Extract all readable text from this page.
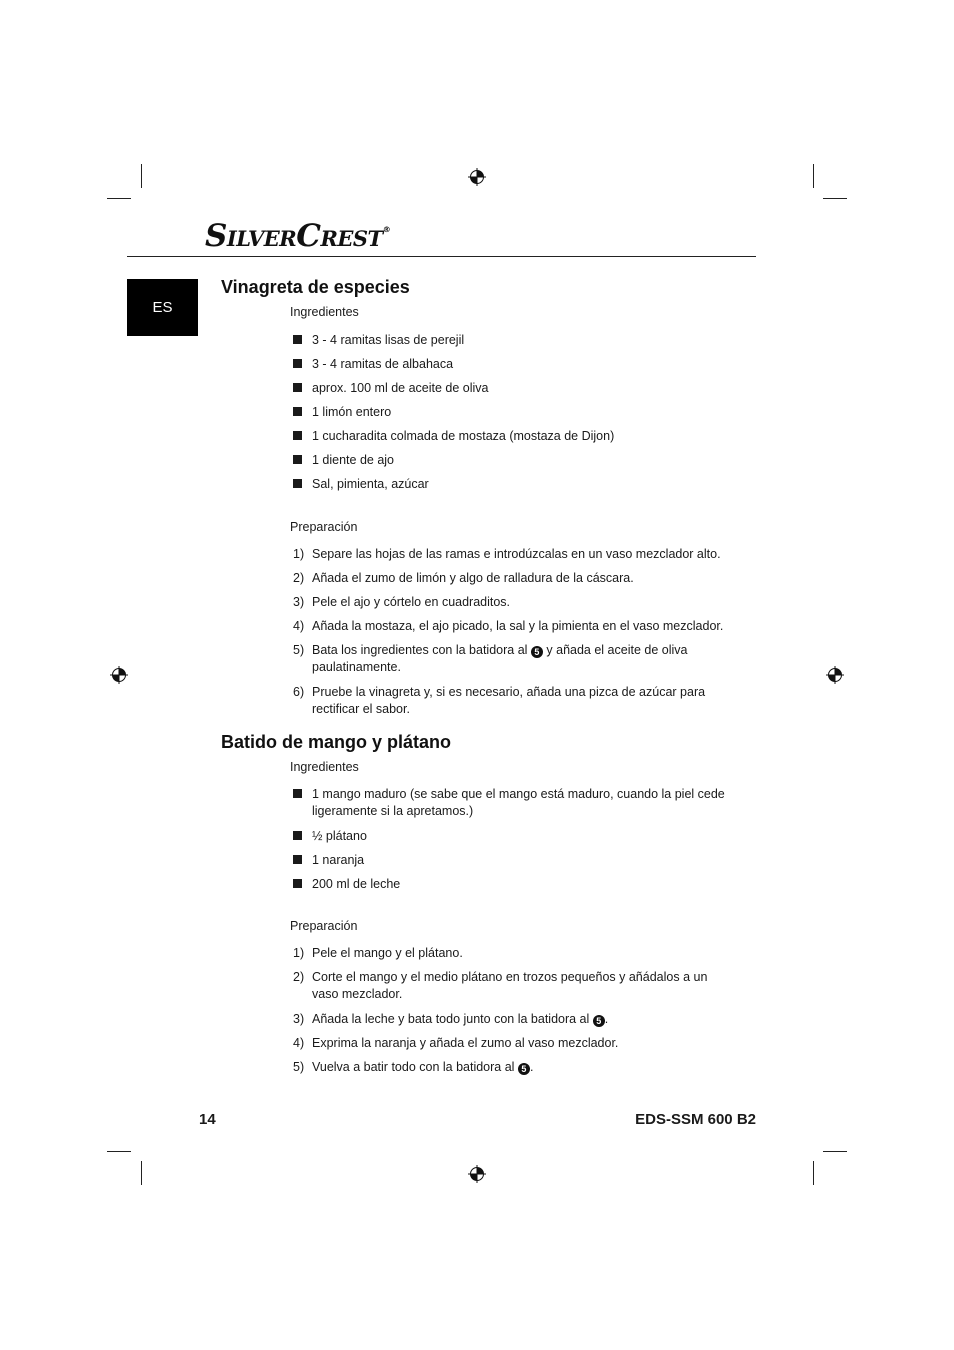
SILVERCREST®
ES
Vinagreta de especies
Ingredientes
3 - 4 ramitas lisas de perejil
3 - 4 ramitas de albahaca
aprox. 100 ml de aceite de oliva
1 limón entero
1 cucharadita colmada de mostaza (mostaza de Dijon)
1 diente de ajo
Sal, pimienta, azúcar
Preparación
1) Separe las hojas de las ramas e introdúzcalas en un vaso mezclador alto.
2) Añada el zumo de limón y algo de ralladura de la cáscara.
3) Pele el ajo y córtelo en cuadraditos.
4) Añada la mostaza, el ajo picado, la sal y la pimienta en el vaso mezclador.
5) Bata los ingredientes con la batidora al 5 y añada el aceite de oliva paulatinamente.
6) Pruebe la vinagreta y, si es necesario, añada una pizca de azúcar para rectificar el sabor.
Batido de mango y plátano
Ingredientes
1 mango maduro (se sabe que el mango está maduro, cuando la piel cede ligeramente si la apretamos.)
½ plátano
1 naranja
200 ml de leche
Preparación
1) Pele el mango y el plátano.
2) Corte el mango y el medio plátano en trozos pequeños y añádalos a un vaso mezclador.
3) Añada la leche y bata todo junto con la batidora al 5 .
4) Exprima la naranja y añada el zumo al vaso mezclador.
5) Vuelva a batir todo con la batidora al 5 .
14	EDS-SSM 600 B2
